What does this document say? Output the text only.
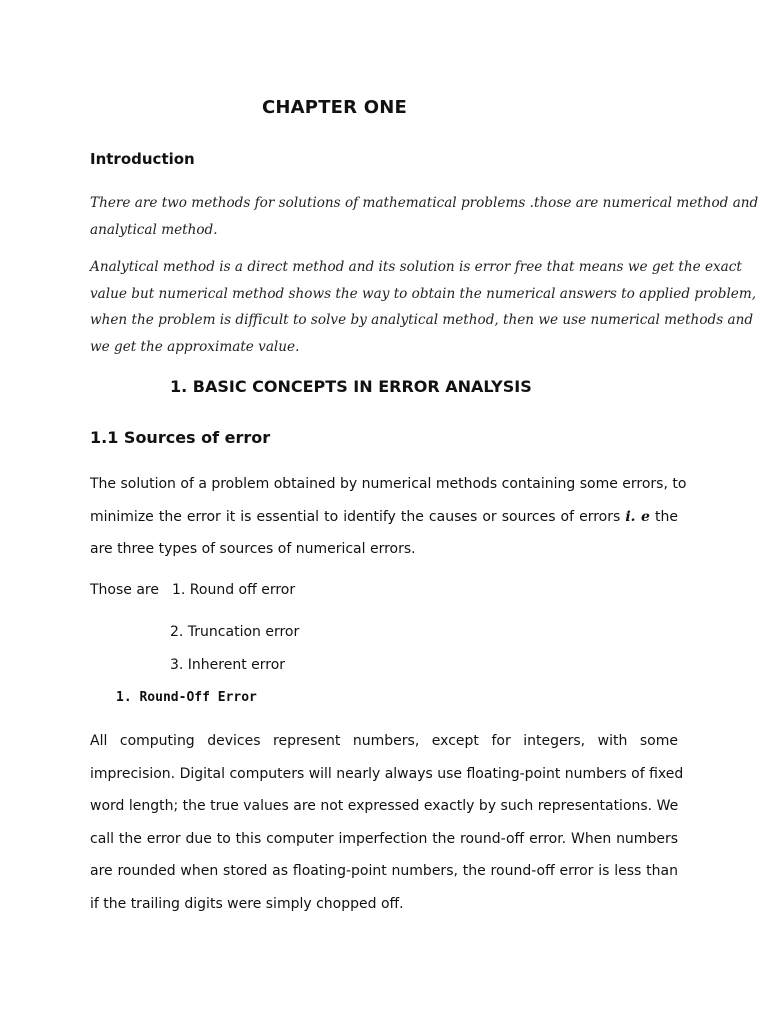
CHAPTER ONE
Introduction
There are two methods for solutions of mathematical problems .those are numerical method and
analytical method.
Analytical method is a direct method and its solution is error free that means we get the exact
value but numerical method shows the way to obtain the numerical answers to applied problem,
when the problem is difficult to solve by analytical method, then we use numerical methods and
we get the approximate value.
1. BASIC CONCEPTS IN ERROR ANALYSIS
1.1 Sources of error
The solution of a problem obtained by numerical methods containing some errors, to
minimize the error it is essential to identify the causes or sources of errors i. e the
are three types of sources of numerical errors.
Those are 1. Round off error
2. Truncation error
3. Inherent error
1. Round-Off Error
All computing devices represent numbers, except for integers, with some
imprecision. Digital computers will nearly always use floating-point numbers of fixed
word length; the true values are not expressed exactly by such representations. We
call the error due to this computer imperfection the round-off error. When numbers
are rounded when stored as floating-point numbers, the round-off error is less than
if the trailing digits were simply chopped off.
